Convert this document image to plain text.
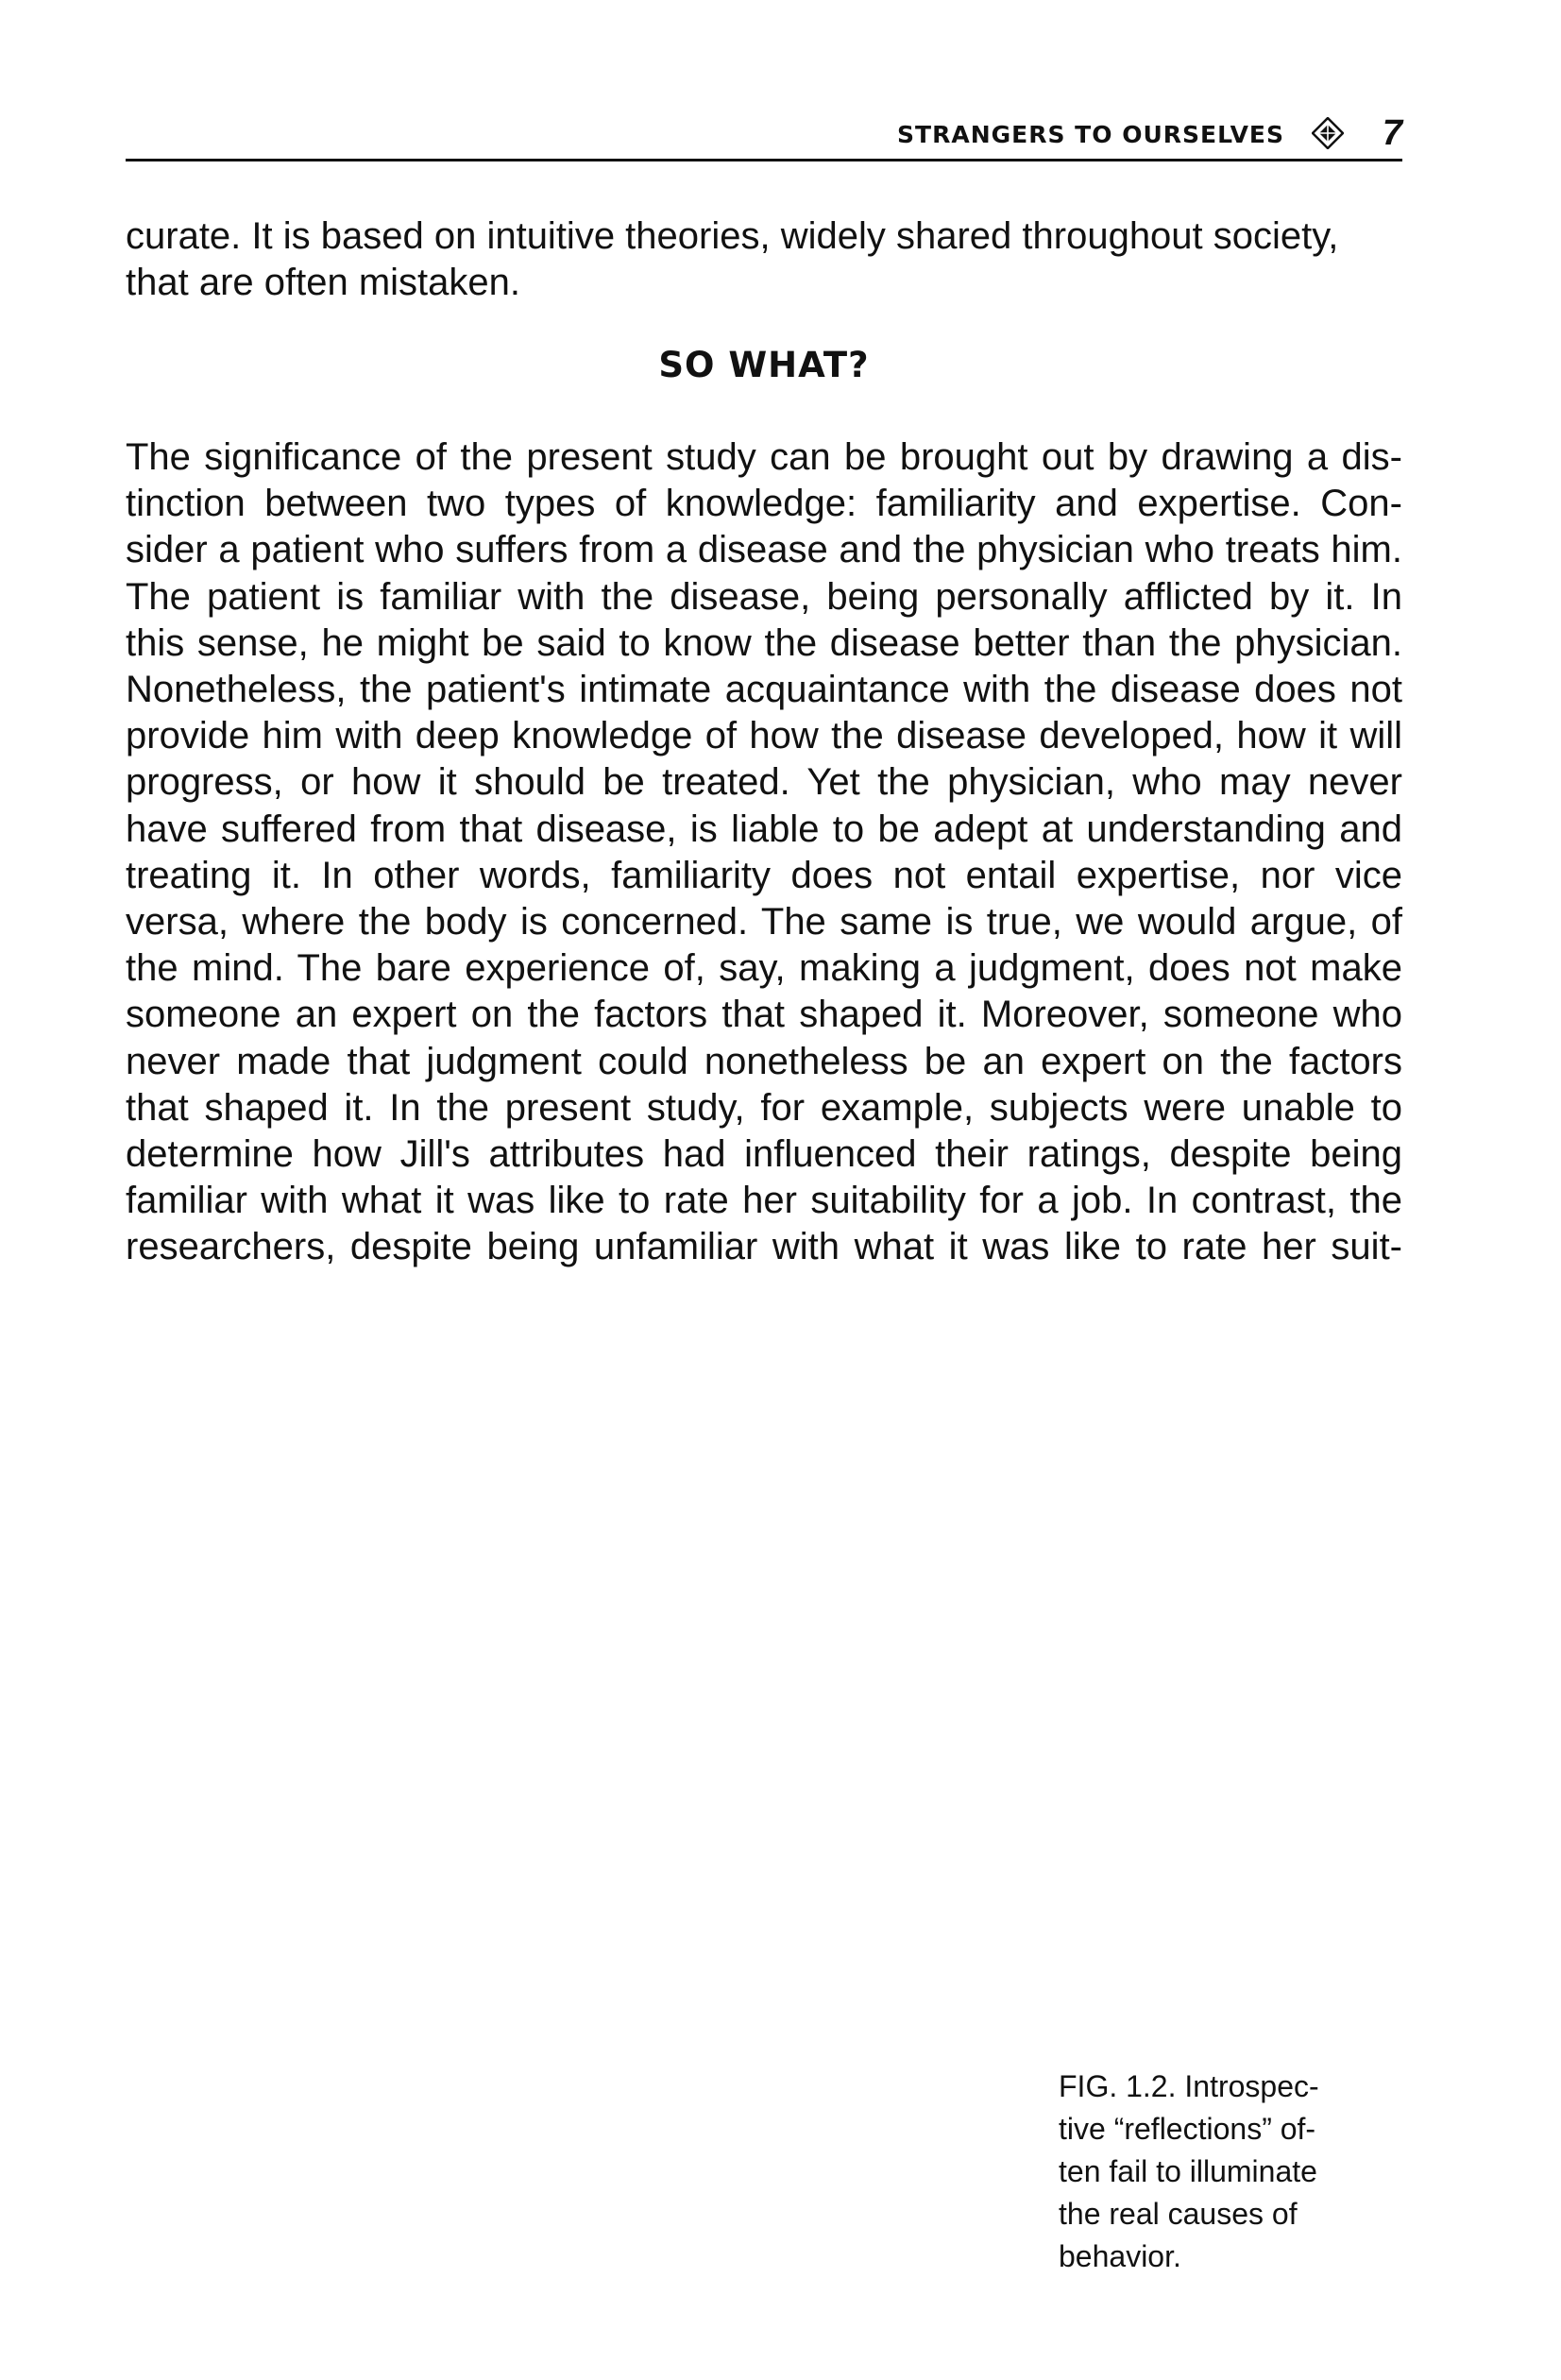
STRANGERS TO OURSELVES	7
curate. It is based on intuitive theories, widely shared throughout society,
that are often mistaken.
SO WHAT?
The significance of the present study can be brought out by drawing a dis-
tinction between two types of knowledge: familiarity and expertise. Con-
sider a patient who suffers from a disease and the physician who treats him.
The patient is familiar with the disease, being personally afflicted by it. In
this sense, he might be said to know the disease better than the physician.
Nonetheless, the patient's intimate acquaintance with the disease does not
provide him with deep knowledge of how the disease developed, how it will
progress, or how it should be treated. Yet the physician, who may never
have suffered from that disease, is liable to be adept at understanding and
treating it. In other words, familiarity does not entail expertise, nor vice
versa, where the body is concerned. The same is true, we would argue, of
the mind. The bare experience of, say, making a judgment, does not make
someone an expert on the factors that shaped it. Moreover, someone who
never made that judgment could nonetheless be an expert on the factors
that shaped it. In the present study, for example, subjects were unable to
determine how Jill's attributes had influenced their ratings, despite being
familiar with what it was like to rate her suitability for a job. In contrast, the
researchers, despite being unfamiliar with what it was like to rate her suit-
FIG. 1.2. Introspec-
tive “reflections” of-
ten fail to illuminate
the real causes of
behavior.
